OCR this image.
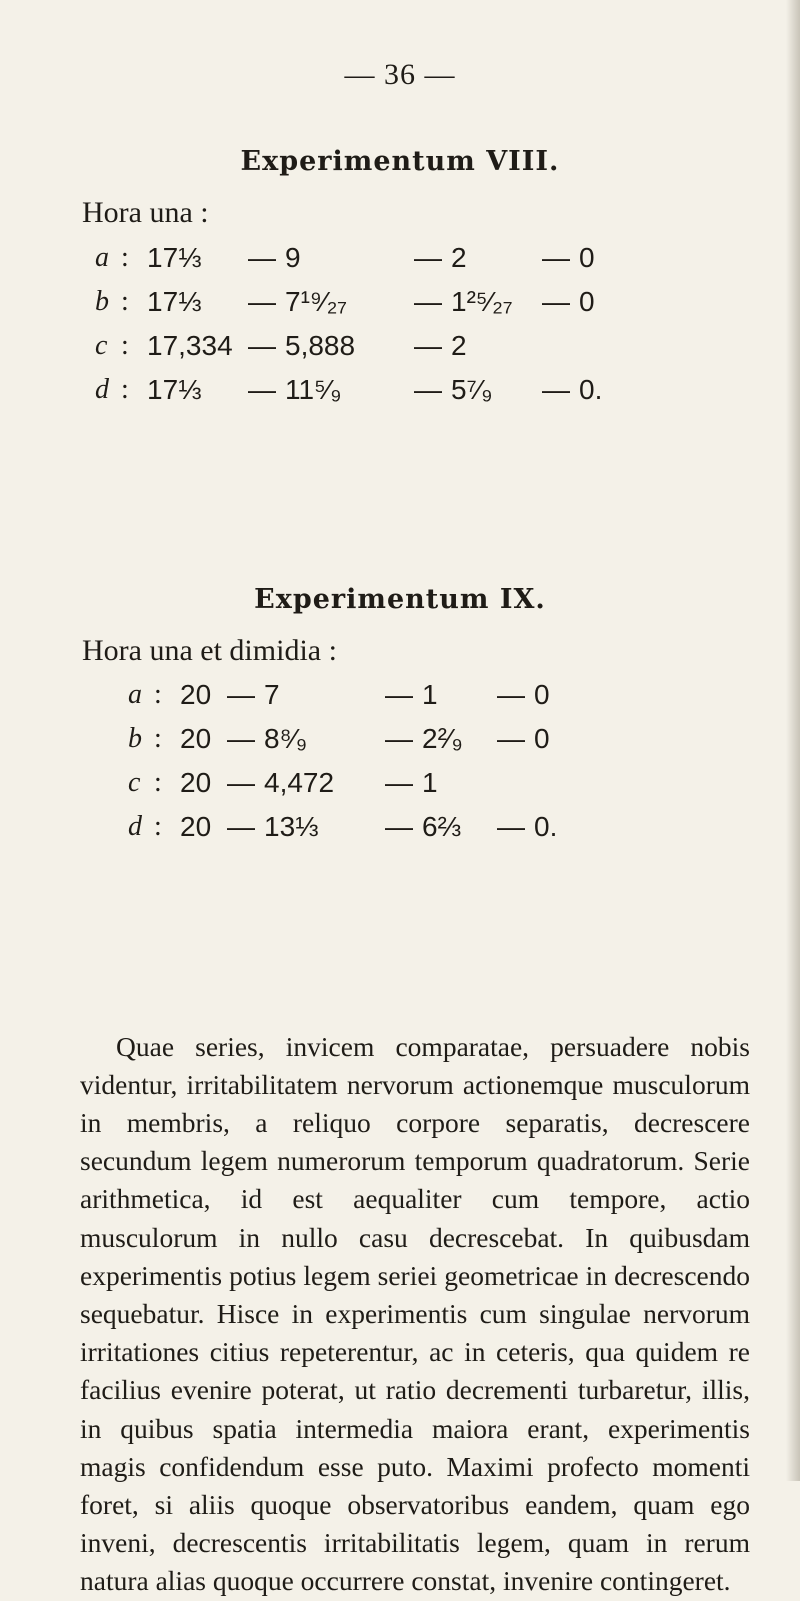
— 36 —
Experimentum VIII.
Hora una :
a	:	17⅓	—	9	—	2	—	0
b	:	17⅓	—	7¹⁹⁄₂₇	—	1²⁵⁄₂₇	—	0
c	:	17,334	—	5,888	—	2		
d	:	17⅓	—	11⁵⁄₉	—	5⁷⁄₉	—	0.
Experimentum IX.
Hora una et dimidia :
a	:	20	—	7	—	1	—	0
b	:	20	—	8⁸⁄₉	—	2²⁄₉	—	0
c	:	20	—	4,472	—	1		
d	:	20	—	13⅓	—	6⅔	—	0.

Quae series, invicem comparatae, persuadere nobis videntur, irritabilitatem nervorum actionemque musculorum in membris, a reliquo corpore separatis, decrescere secundum legem numerorum temporum quadratorum. Serie arithmetica, id est aequaliter cum tempore, actio musculorum in nullo casu decrescebat. In quibusdam experimentis potius legem seriei geometricae in decrescendo sequebatur. Hisce in experimentis cum singulae nervorum irritationes citius repeterentur, ac in ceteris, qua quidem re facilius evenire poterat, ut ratio decrementi turbaretur, illis, in quibus spatia intermedia maiora erant, experimentis magis confidendum esse puto. Maximi profecto momenti foret, si aliis quoque observatoribus eandem, quam ego inveni, decrescentis irritabilitatis legem, quam in rerum natura alias quoque occurrere constat, invenire contingeret.
